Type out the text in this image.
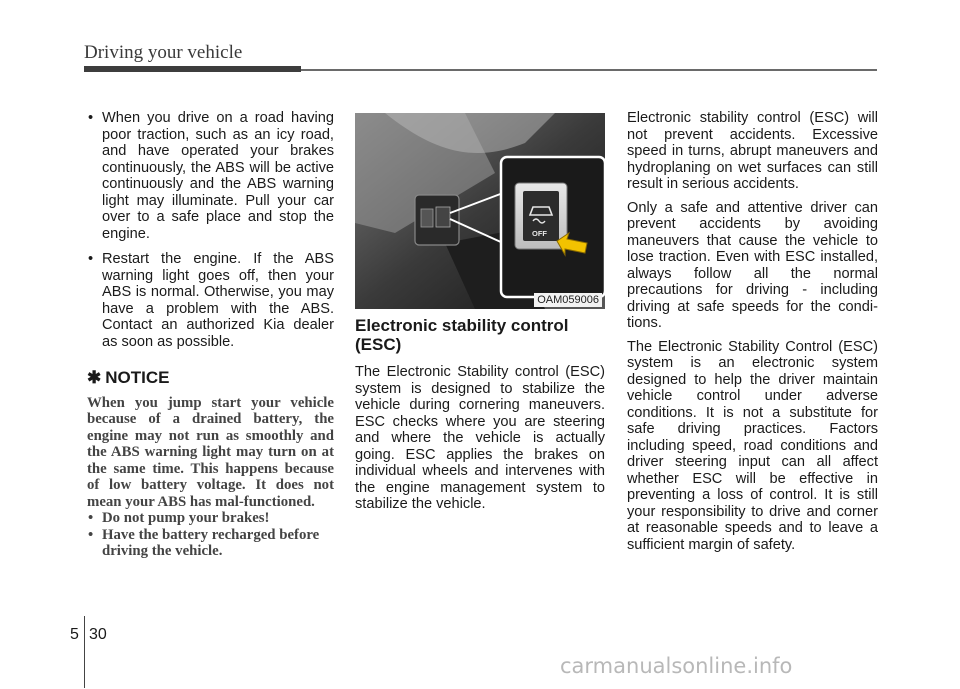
Driving your vehicle
• When you drive on a road having poor traction, such as an icy road, and have operated your brakes continuously, the ABS will be active continuously and the ABS warning light may illuminate. Pull your car over to a safe place and stop the engine.
• Restart the engine. If the ABS warning light goes off, then your ABS is normal. Otherwise, you may have a problem with the ABS. Contact an authorized Kia dealer as soon as possible.
✱ NOTICE
When you jump start your vehicle because of a drained battery, the engine may not run as smoothly and the ABS warning light may turn on at the same time. This happens because of low battery voltage. It does not mean your ABS has mal-functioned.
• Do not pump your brakes!
• Have the battery recharged before driving the vehicle.
OFF
OAM059006
Electronic stability control (ESC)
The Electronic Stability control (ESC) system is designed to stabilize the vehicle during cornering maneuvers. ESC checks where you are steering and where the vehicle is actually going. ESC applies the brakes on individual wheels and intervenes with the engine management system to stabilize the vehicle.
Electronic stability control (ESC) will not prevent accidents. Excessive speed in turns, abrupt maneuvers and hydroplaning on wet surfaces can still result in serious accidents.
Only a safe and attentive driver can prevent accidents by avoiding maneuvers that cause the vehicle to lose traction. Even with ESC installed, always follow all the normal precautions for driving - including driving at safe speeds for the condi-tions.
The Electronic Stability Control (ESC) system is an electronic system designed to help the driver maintain vehicle control under adverse conditions. It is not a substitute for safe driving practices. Factors including speed, road conditions and driver steering input can all affect whether ESC will be effective in preventing a loss of control. It is still your responsibility to drive and corner at reasonable speeds and to leave a sufficient margin of safety.
5 30
carmanualsonline.info
